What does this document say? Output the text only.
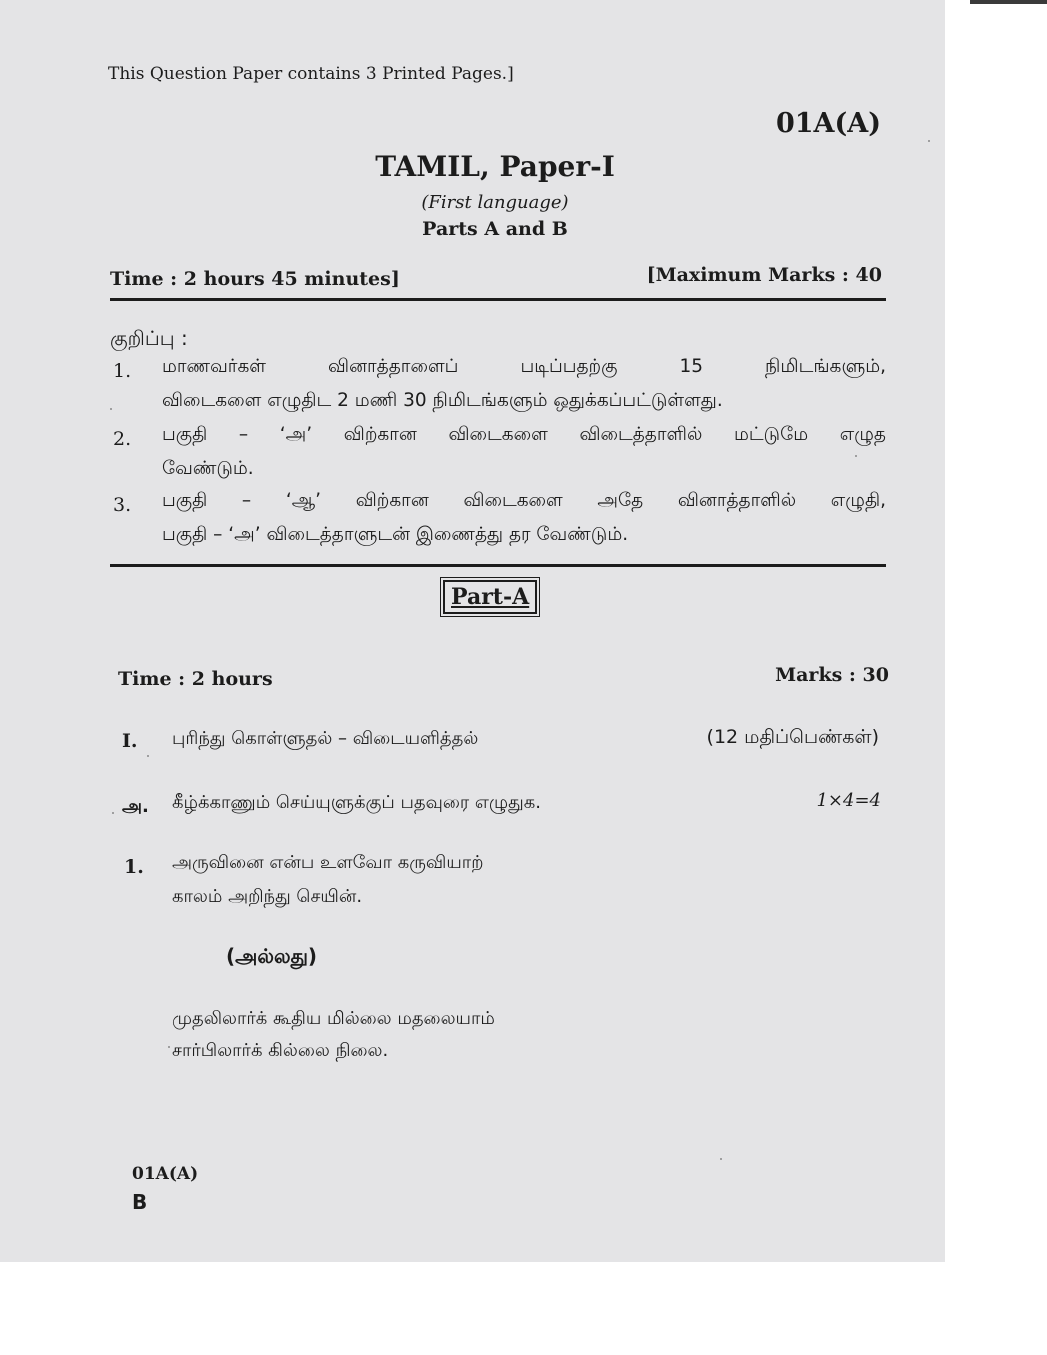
This Question Paper contains 3 Printed Pages.]
01A(A)
TAMIL, Paper-I
(First language)
Parts A and B
Time : 2 hours 45 minutes]	[Maximum Marks : 40
குறிப்பு :
1. மாணவர்கள் வினாத்தாளைப் படிப்பதற்கு 15 நிமிடங்களும்,
விடைகளை எழுதிட 2 மணி 30 நிமிடங்களும் ஒதுக்கப்பட்டுள்ளது.
2. பகுதி – ‘அ’ விற்கான விடைகளை விடைத்தாளில் மட்டுமே எழுத
வேண்டும்.
3. பகுதி – ‘ஆ’ விற்கான விடைகளை அதே வினாத்தாளில் எழுதி,
பகுதி – ‘அ’ விடைத்தாளுடன் இணைத்து தர வேண்டும்.
Part-A
Time : 2 hours	Marks : 30
I. புரிந்து கொள்ளுதல் – விடையளித்தல்	(12 மதிப்பெண்கள்)
அ. கீழ்க்காணும் செய்யுளுக்குப் பதவுரை எழுதுக.	1×4=4
1. அருவினை என்ப உளவோ கருவியாற்
காலம் அறிந்து செயின்.
(அல்லது)
முதலிலார்க் கூதிய மில்லை மதலையாம்
சார்பிலார்க் கில்லை நிலை.
01A(A)
B
